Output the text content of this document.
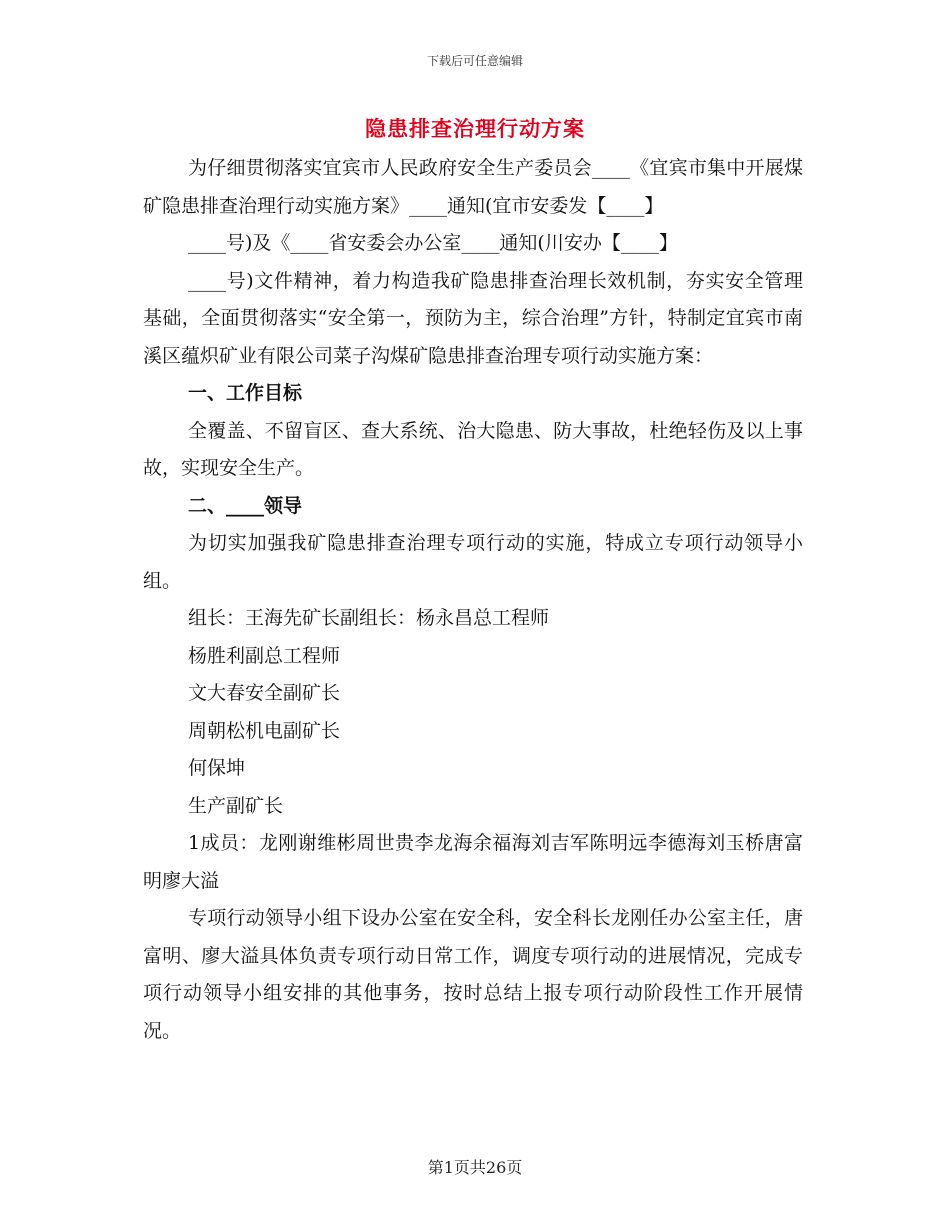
下载后可任意编辑
隐患排查治理行动方案

为仔细贯彻落实宜宾市人民政府安全生产委员会____《宜宾市集中开展煤矿隐患排查治理行动实施方案》____通知(宜市安委发【____】

____号)及《____省安委会办公室____通知(川安办【____】

____号)文件精神，着力构造我矿隐患排查治理长效机制，夯实安全管理基础，全面贯彻落实“安全第一，预防为主，综合治理”方针，特制定宜宾市南溪区蕴炽矿业有限公司菜子沟煤矿隐患排查治理专项行动实施方案：

一、工作目标

全覆盖、不留盲区、查大系统、治大隐患、防大事故，杜绝轻伤及以上事故，实现安全生产。

二、____领导

为切实加强我矿隐患排查治理专项行动的实施，特成立专项行动领导小组。

组长：王海先矿长副组长：杨永昌总工程师

杨胜利副总工程师

文大春安全副矿长

周朝松机电副矿长

何保坤

生产副矿长

1成员：龙刚谢维彬周世贵李龙海余福海刘吉军陈明远李德海刘玉桥唐富明廖大溢

专项行动领导小组下设办公室在安全科，安全科长龙刚任办公室主任，唐富明、廖大溢具体负责专项行动日常工作，调度专项行动的进展情况，完成专项行动领导小组安排的其他事务，按时总结上报专项行动阶段性工作开展情况。

第1页共26页
